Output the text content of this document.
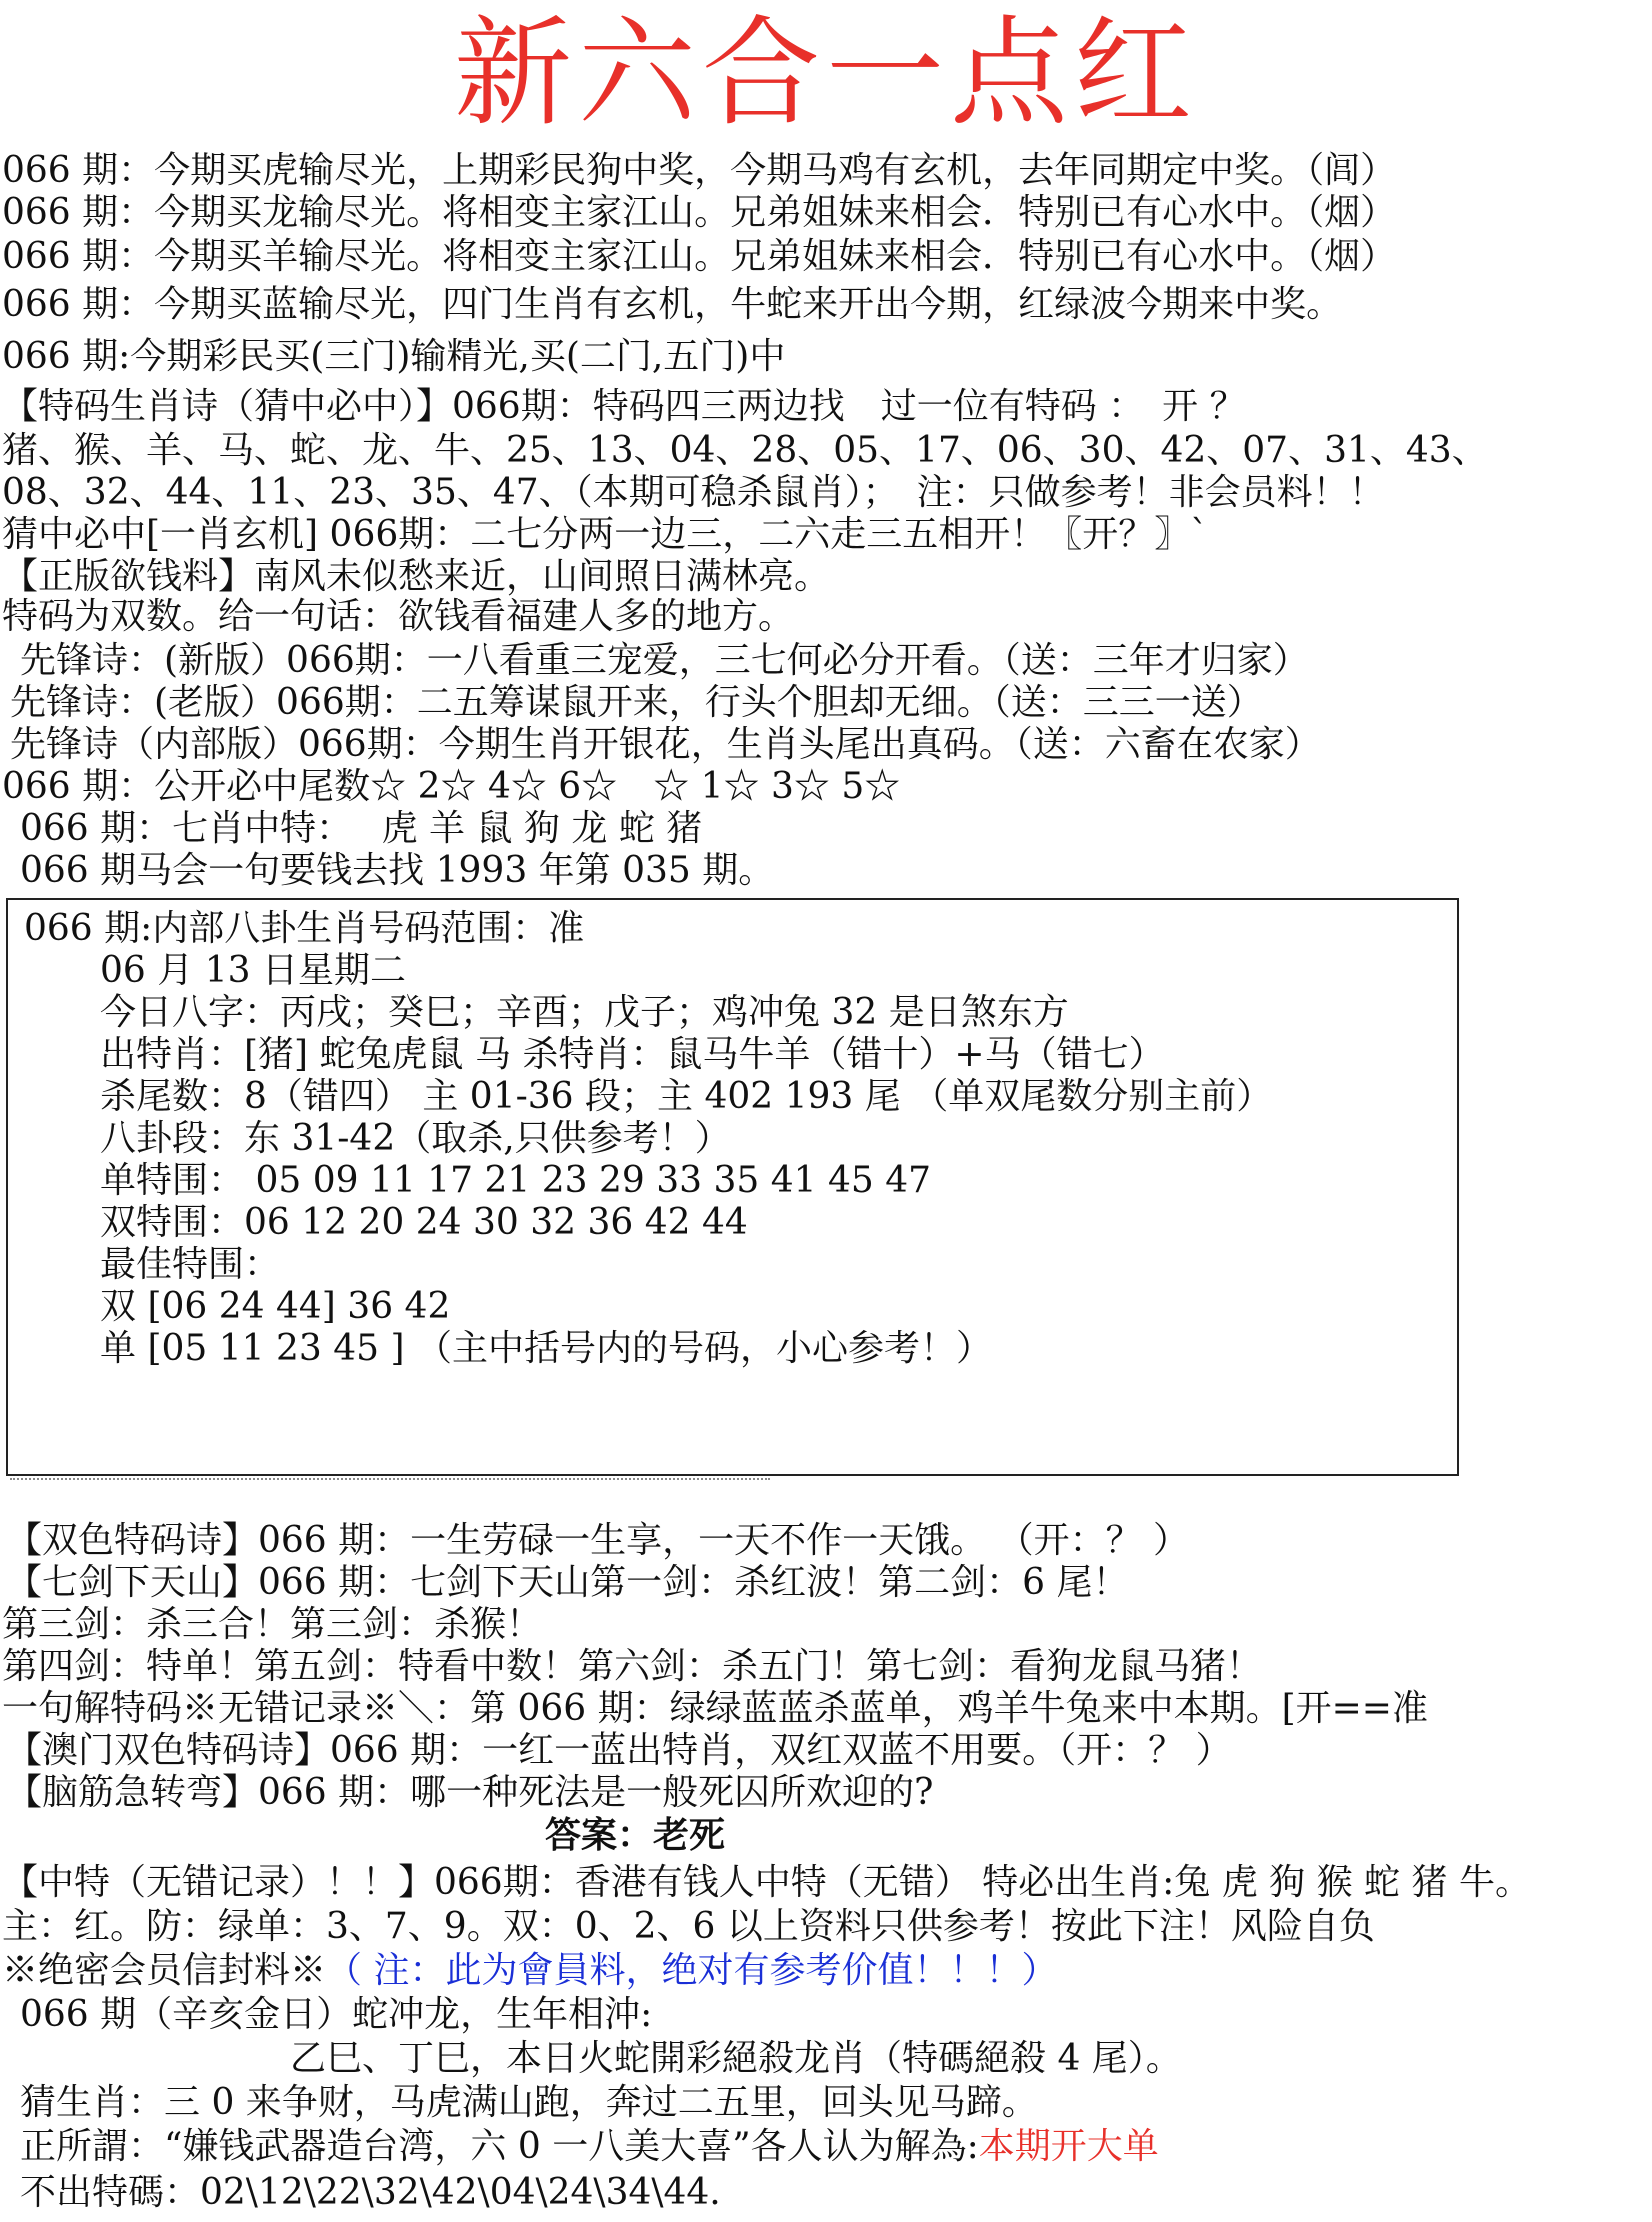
新六合一点红
066 期：今期买虎输尽光，上期彩民狗中奖，今期马鸡有玄机，去年同期定中奖。（闾）
066 期：今期买龙输尽光。将相变主家江山。兄弟姐妹来相会．特别已有心水中。（烟）
066 期：今期买羊输尽光。将相变主家江山。兄弟姐妹来相会．特别已有心水中。（烟）
066 期：今期买蓝输尽光，四门生肖有玄机，牛蛇来开出今期，红绿波今期来中奖。
066 期:今期彩民买(三门)输精光,买(二门,五门)中
【特码生肖诗（猜中必中）】066期：特码四三两边找　过一位有特码 ：　开 ？
猪、猴、羊、马、蛇、龙、牛、25、13、04、28、05、17、06、30、42、07、31、43、
08、32、44、11、23、35、47、（本期可稳杀鼠肖）；　注：只做参考！非会员料！！
猜中必中[一肖玄机] 066期：二七分两一边三，二六走三五相开！〖开？〗`
【正版欲钱料】南风未似愁来近，山间照日满林亮。
特码为双数。给一句话：欲钱看福建人多的地方。
先锋诗：(新版）066期：一八看重三宠爱，三七何必分开看。（送：三年才归家）
先锋诗：(老版）066期：二五筹谋鼠开来，行头个胆却无细。（送：三三一送）
先锋诗（内部版）066期：今期生肖开银花，生肖头尾出真码。（送：六畜在农家）
066 期：公开必中尾数☆ 2☆ 4☆ 6☆　☆ 1☆ 3☆ 5☆
066 期：七肖中特：　 虎 羊 鼠 狗 龙 蛇 猪
066 期马会一句要钱去找 1993 年第 035 期。
066 期:内部八卦生肖号码范围：准
06 月 13 日星期二
今日八字：丙戌；癸巳；辛酉；戊子；鸡冲兔 32 是日煞东方
出特肖：[猪] 蛇兔虎鼠 马 杀特肖：鼠马牛羊（错十）+马（错七）
杀尾数：8（错四） 主 01-36 段；主 402 193 尾 （单双尾数分别主前）
八卦段：东 31-42（取杀,只供参考！）
单特围： 05 09 11 17 21 23 29 33 35 41 45 47
双特围：06 12 20 24 30 32 36 42 44
最佳特围：
双 [06 24 44] 36 42
单 [05 11 23 45 ] （主中括号内的号码，小心参考！）
【双色特码诗】066 期：一生劳碌一生享，一天不作一天饿。 （开：？ ）
【七剑下天山】066 期：七剑下天山第一剑：杀红波！第二剑：6 尾！
第三剑：杀三合！第三剑：杀猴！
第四剑：特单！第五剑：特看中数！第六剑：杀五门！第七剑：看狗龙鼠马猪！
一句解特码※无错记录※＼：第 066 期：绿绿蓝蓝杀蓝单，鸡羊牛兔来中本期。[开==准
【澳门双色特码诗】066 期：一红一蓝出特肖，双红双蓝不用要。（开：？ ）
【脑筋急转弯】066 期：哪一种死法是一般死囚所欢迎的?
答案：老死
【中特（无错记录）！！】066期：香港有钱人中特（无错） 特必出生肖:兔 虎 狗 猴 蛇 猪 牛。
主：红。防：绿单：3、7、9。双：0、2、6 以上资料只供参考！按此下注！风险自负
※绝密会员信封料※（ 注：此为會員料，绝对有参考价值！！！）
066 期（辛亥金日）蛇冲龙，生年相沖:
乙巳、丁巳，本日火蛇開彩絕殺龙肖（特碼絕殺 4 尾）。
猜生肖：三 0 来争财，马虎满山跑，奔过二五里，回头见马蹄。
正所謂：“嫌钱武器造台湾，六 0 一八美大喜”各人认为解為:本期开大单
不出特碼：02\12\22\32\42\04\24\34\44.
